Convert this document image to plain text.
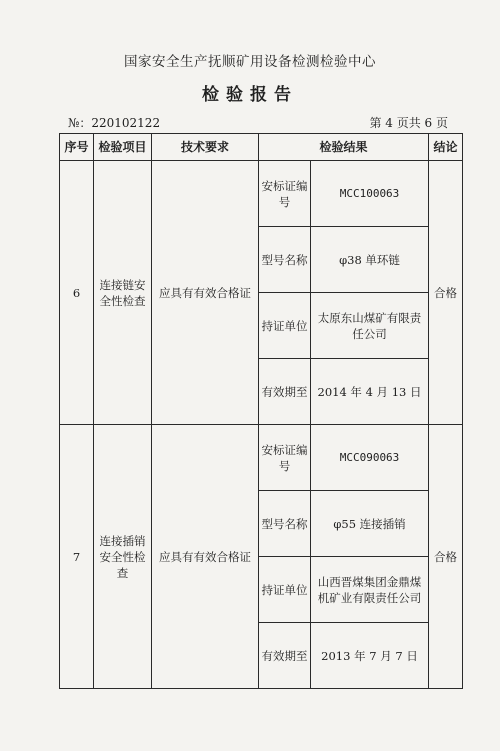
国家安全生产抚顺矿用设备检测检验中心
检验报告
№：220102122	第 4 页共 6 页
序号	检验项目	技术要求	检验结果		结论
6	连接链安全性检查	应具有有效合格证	安标证编号	MCC100063	合格
			型号名称	φ38 单环链	
			持证单位	太原东山煤矿有限责任公司	
			有效期至	2014 年 4 月 13 日	
7	连接插销安全性检查	应具有有效合格证	安标证编号	MCC090063	合格
			型号名称	φ55 连接插销	
			持证单位	山西晋煤集团金鼎煤机矿业有限责任公司	
			有效期至	2013 年 7 月 7 日	
